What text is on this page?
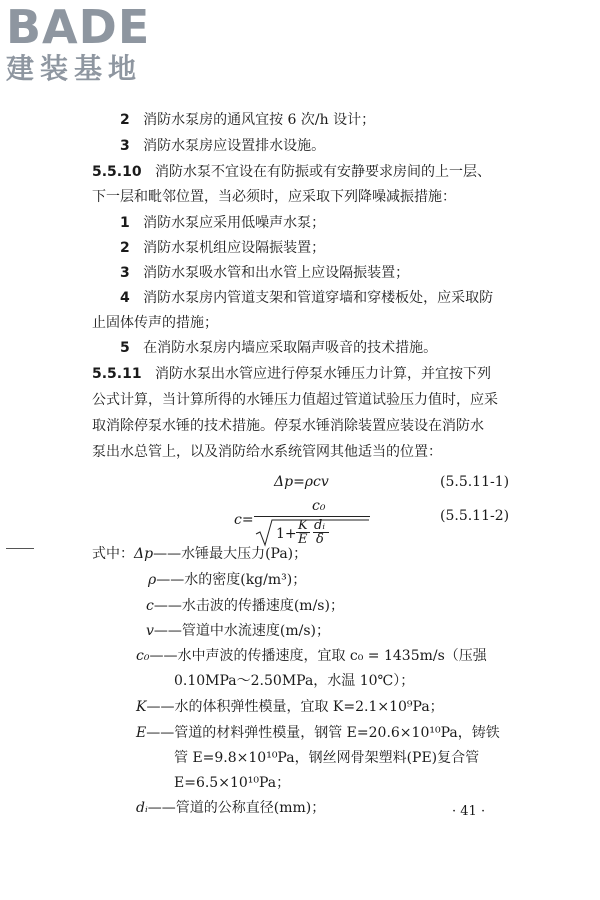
BADE
建装基地
2 消防水泵房的通风宜按 6 次/h 设计；
3 消防水泵房应设置排水设施。
5.5.10 消防水泵不宜设在有防振或有安静要求房间的上一层、
下一层和毗邻位置，当必须时，应采取下列降噪减振措施：
1 消防水泵应采用低噪声水泵；
2 消防水泵机组应设隔振装置；
3 消防水泵吸水管和出水管上应设隔振装置；
4 消防水泵房内管道支架和管道穿墙和穿楼板处，应采取防
止固体传声的措施；
5 在消防水泵房内墙应采取隔声吸音的技术措施。
5.5.11 消防水泵出水管应进行停泵水锤压力计算，并宜按下列
公式计算，当计算所得的水锤压力值超过管道试验压力值时，应采
取消除停泵水锤的技术措施。停泵水锤消除装置应装设在消防水
泵出水总管上，以及消防给水系统管网其他适当的位置：
Δp=ρcv	(5.5.11-1)
c=
c₀
1+
K
E
dᵢ
δ
(5.5.11-2)
式中：Δp——水锤最大压力(Pa)；
ρ——水的密度(kg/m³)；
c——水击波的传播速度(m/s)；
v——管道中水流速度(m/s)；
c₀——水中声波的传播速度，宜取 c₀ = 1435m/s（压强
0.10MPa～2.50MPa，水温 10℃）；
K——水的体积弹性模量，宜取 K=2.1×10⁹Pa；
E——管道的材料弹性模量，钢管 E=20.6×10¹⁰Pa，铸铁
管 E=9.8×10¹⁰Pa，钢丝网骨架塑料(PE)复合管
E=6.5×10¹⁰Pa；
dᵢ——管道的公称直径(mm)；	· 41 ·
